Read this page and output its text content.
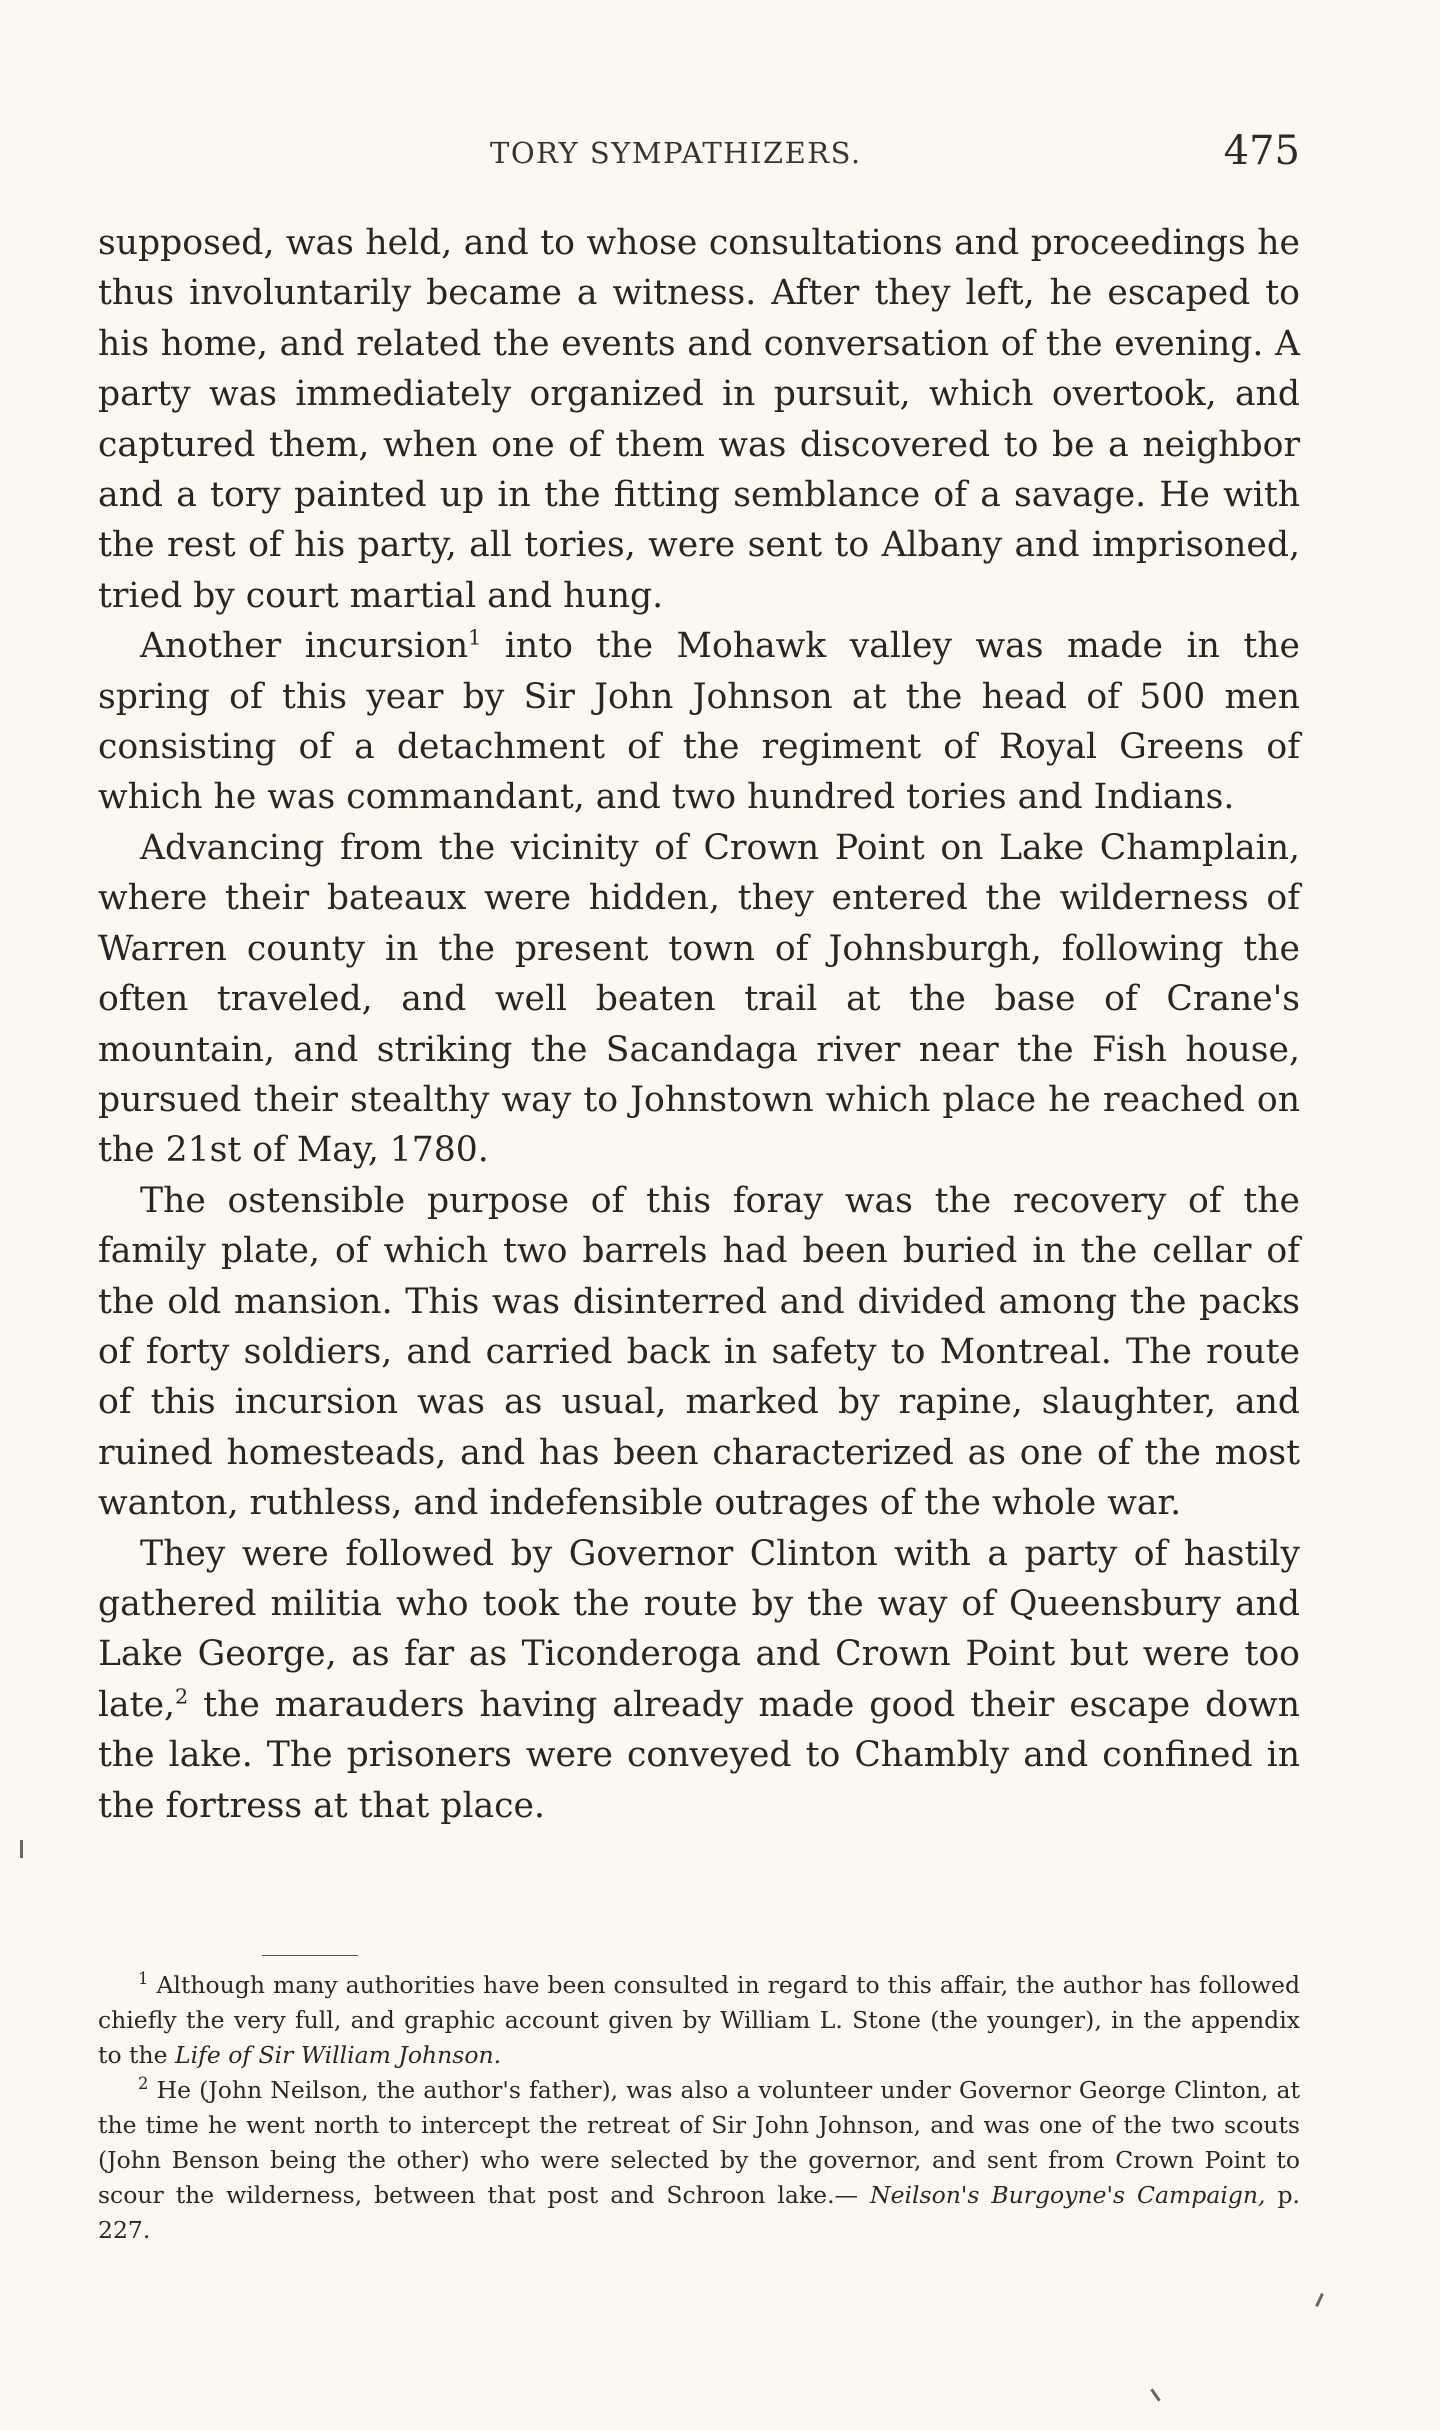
TORY SYMPATHIZERS.	475

supposed, was held, and to whose consultations and proceedings he thus involuntarily became a witness. After they left, he escaped to his home, and related the events and conversation of the evening. A party was immediately organized in pursuit, which overtook, and captured them, when one of them was discovered to be a neighbor and a tory painted up in the fitting semblance of a savage. He with the rest of his party, all tories, were sent to Albany and imprisoned, tried by court martial and hung.

Another incursion$^1$ into the Mohawk valley was made in the spring of this year by Sir John Johnson at the head of 500 men consisting of a detachment of the regiment of Royal Greens of which he was commandant, and two hundred tories and Indians.

Advancing from the vicinity of Crown Point on Lake Champlain, where their bateaux were hidden, they entered the wilderness of Warren county in the present town of Johnsburgh, following the often traveled, and well beaten trail at the base of Crane's mountain, and striking the Sacandaga river near the Fish house, pursued their stealthy way to Johnstown which place he reached on the 21st of May, 1780.

The ostensible purpose of this foray was the recovery of the family plate, of which two barrels had been buried in the cellar of the old mansion. This was disinterred and divided among the packs of forty soldiers, and carried back in safety to Montreal. The route of this incursion was as usual, marked by rapine, slaughter, and ruined homesteads, and has been characterized as one of the most wanton, ruthless, and indefensible outrages of the whole war.

They were followed by Governor Clinton with a party of hastily gathered militia who took the route by the way of Queensbury and Lake George, as far as Ticonderoga and Crown Point but were too late,$^2$ the marauders having already made good their escape down the lake. The prisoners were conveyed to Chambly and confined in the fortress at that place.

$^1$ Although many authorities have been consulted in regard to this affair, the author has followed chiefly the very full, and graphic account given by William L. Stone (the younger), in the appendix to the Life of Sir William Johnson.

$^2$ He (John Neilson, the author's father), was also a volunteer under Governor George Clinton, at the time he went north to intercept the retreat of Sir John Johnson, and was one of the two scouts (John Benson being the other) who were selected by the governor, and sent from Crown Point to scour the wilderness, between that post and Schroon lake.— Neilson's Burgoyne's Campaign, p. 227.
